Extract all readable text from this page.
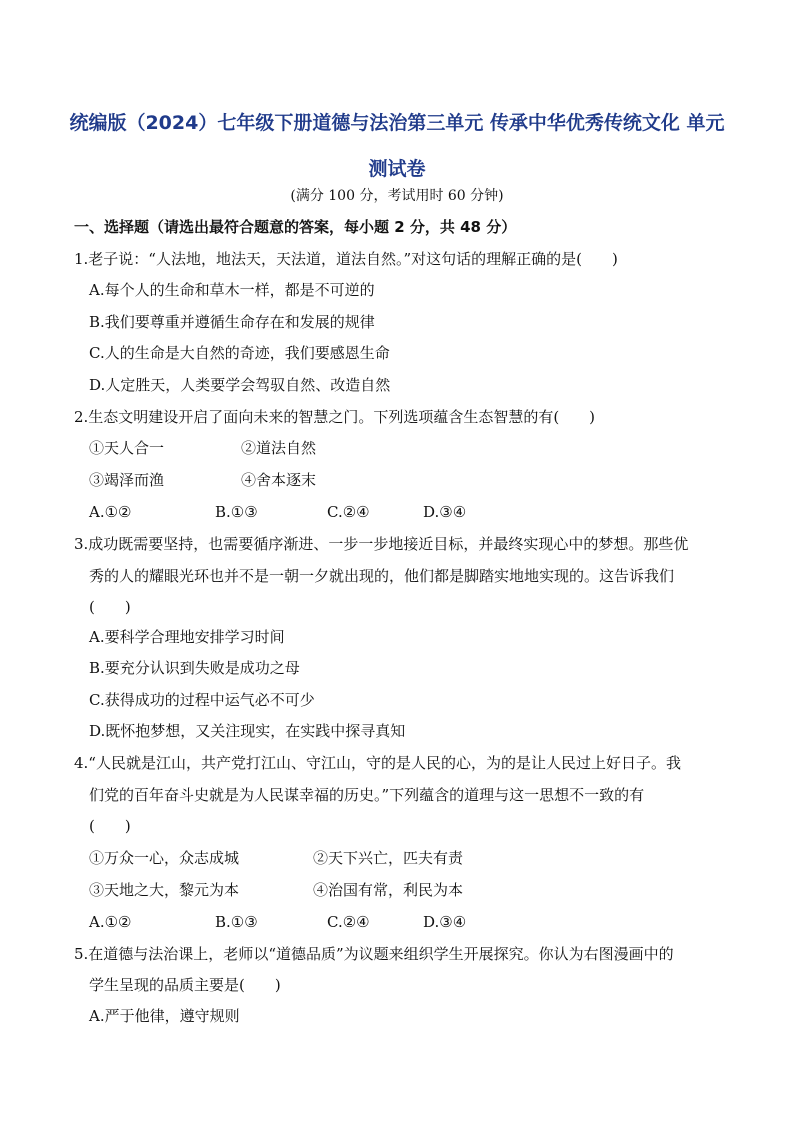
统编版（2024）七年级下册道德与法治第三单元 传承中华优秀传统文化 单元
测试卷
(满分 100 分，考试用时 60 分钟)
一、选择题（请选出最符合题意的答案，每小题 2 分，共 48 分）
1.老子说：“人法地，地法天，天法道，道法自然。”对这句话的理解正确的是(　　)
A.每个人的生命和草木一样，都是不可逆的
B.我们要尊重并遵循生命存在和发展的规律
C.人的生命是大自然的奇迹，我们要感恩生命
D.人定胜天，人类要学会驾驭自然、改造自然
2.生态文明建设开启了面向未来的智慧之门。下列选项蕴含生态智慧的有(　　)
①天人合一	②道法自然
③竭泽而渔	④舍本逐末
A.①②	B.①③	C.②④	D.③④
3.成功既需要坚持，也需要循序渐进、一步一步地接近目标，并最终实现心中的梦想。那些优
秀的人的耀眼光环也并不是一朝一夕就出现的，他们都是脚踏实地地实现的。这告诉我们
(　　)
A.要科学合理地安排学习时间
B.要充分认识到失败是成功之母
C.获得成功的过程中运气必不可少
D.既怀抱梦想，又关注现实，在实践中探寻真知
4.“人民就是江山，共产党打江山、守江山，守的是人民的心，为的是让人民过上好日子。我
们党的百年奋斗史就是为人民谋幸福的历史。”下列蕴含的道理与这一思想不一致的有
(　　)
①万众一心，众志成城	②天下兴亡，匹夫有责
③天地之大，黎元为本	④治国有常，利民为本
A.①②	B.①③	C.②④	D.③④
5.在道德与法治课上，老师以“道德品质”为议题来组织学生开展探究。你认为右图漫画中的
学生呈现的品质主要是(　　)
A.严于他律，遵守规则
